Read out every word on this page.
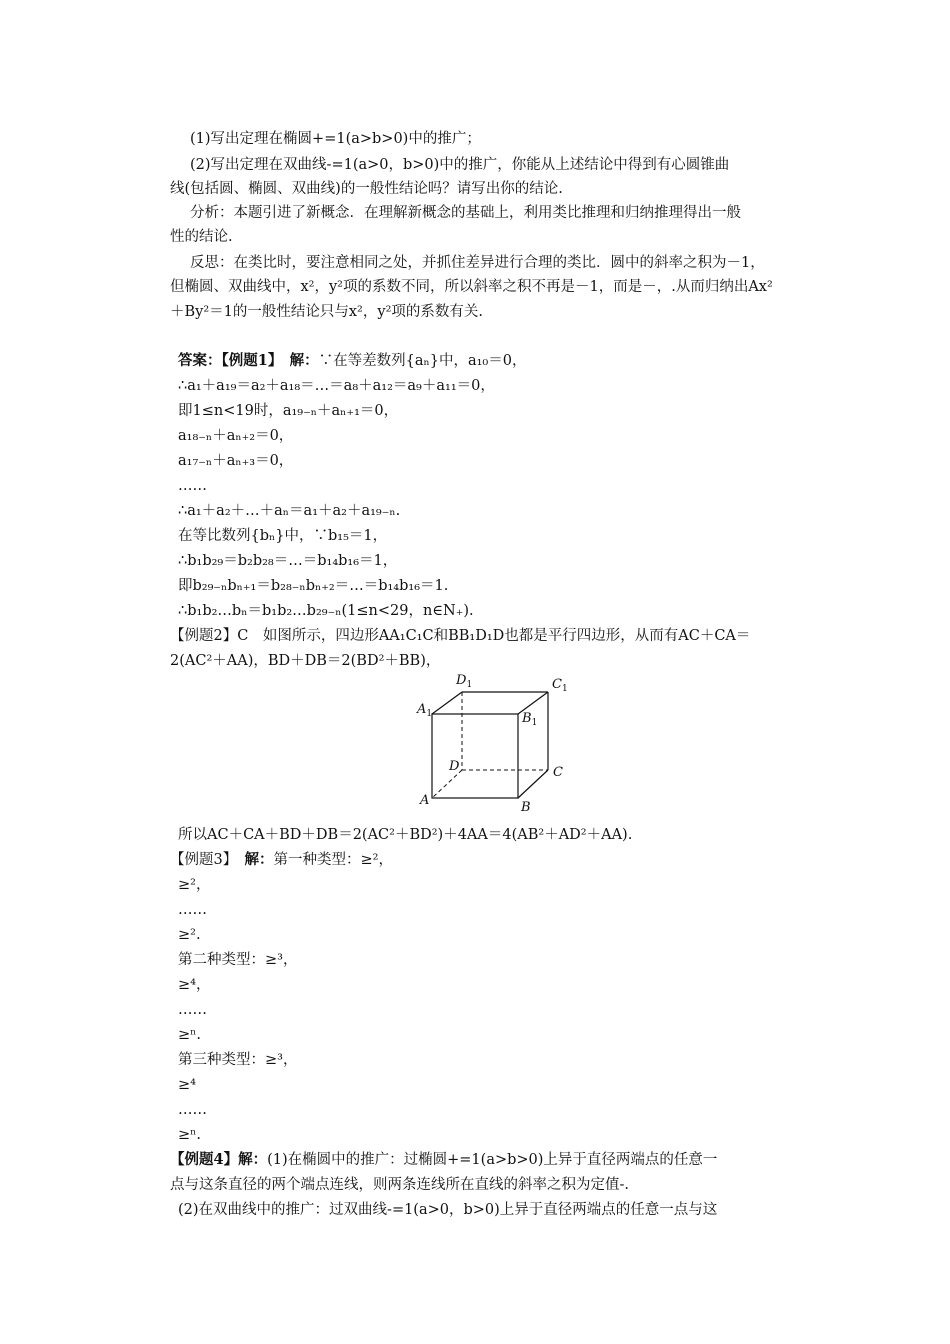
(1)写出定理在椭圆+=1(a>b>0)中的推广；
(2)写出定理在双曲线-=1(a>0，b>0)中的推广，你能从上述结论中得到有心圆锥曲
线(包括圆、椭圆、双曲线)的一般性结论吗？请写出你的结论.
分析：本题引进了新概念．在理解新概念的基础上，利用类比推理和归纳推理得出一般
性的结论.
反思：在类比时，要注意相同之处，并抓住差异进行合理的类比．圆中的斜率之积为－1，
但椭圆、双曲线中，x²，y²项的系数不同，所以斜率之积不再是－1，而是－，.从而归纳出Ax²
＋By²＝1的一般性结论只与x²，y²项的系数有关.
答案：【例题1】　 解：∵在等差数列{aₙ}中，a₁₀＝0，
∴a₁＋a₁₉＝a₂＋a₁₈＝…＝a₈＋a₁₂＝a₉＋a₁₁＝0，
即1≤n<19时，a₁₉₋ₙ＋aₙ₊₁＝0，
a₁₈₋ₙ＋aₙ₊₂＝0，
a₁₇₋ₙ＋aₙ₊₃＝0，
……
∴a₁＋a₂＋…＋aₙ＝a₁＋a₂＋a₁₉₋ₙ.
在等比数列{bₙ}中，∵b₁₅＝1，
∴b₁b₂₉＝b₂b₂₈＝…＝b₁₄b₁₆＝1，
即b₂₉₋ₙbₙ₊₁＝b₂₈₋ₙbₙ₊₂＝…＝b₁₄b₁₆＝1.
∴b₁b₂…bₙ＝b₁b₂…b₂₉₋ₙ(1≤n<29，n∈N₊).
【例题2】C　如图所示，四边形AA₁C₁C和BB₁D₁D也都是平行四边形，从而有AC＋CA＝
2(AC²＋AA)，BD＋DB＝2(BD²＋BB)，
$D_1$	$C_1$
$A_1$	$B_1$
D	C
A	B
所以AC＋CA＋BD＋DB＝2(AC²＋BD²)＋4AA＝4(AB²＋AD²＋AA).
【例题3】　 解：第一种类型：≥²，
≥²，
……
≥².
第二种类型：≥³，
≥⁴，
……
≥ⁿ.
第三种类型：≥³，
≥⁴
……
≥ⁿ.
【例题4】解：(1)在椭圆中的推广：过椭圆+=1(a>b>0)上异于直径两端点的任意一
点与这条直径的两个端点连线，则两条连线所在直线的斜率之积为定值-.
(2)在双曲线中的推广：过双曲线-=1(a>0，b>0)上异于直径两端点的任意一点与这
